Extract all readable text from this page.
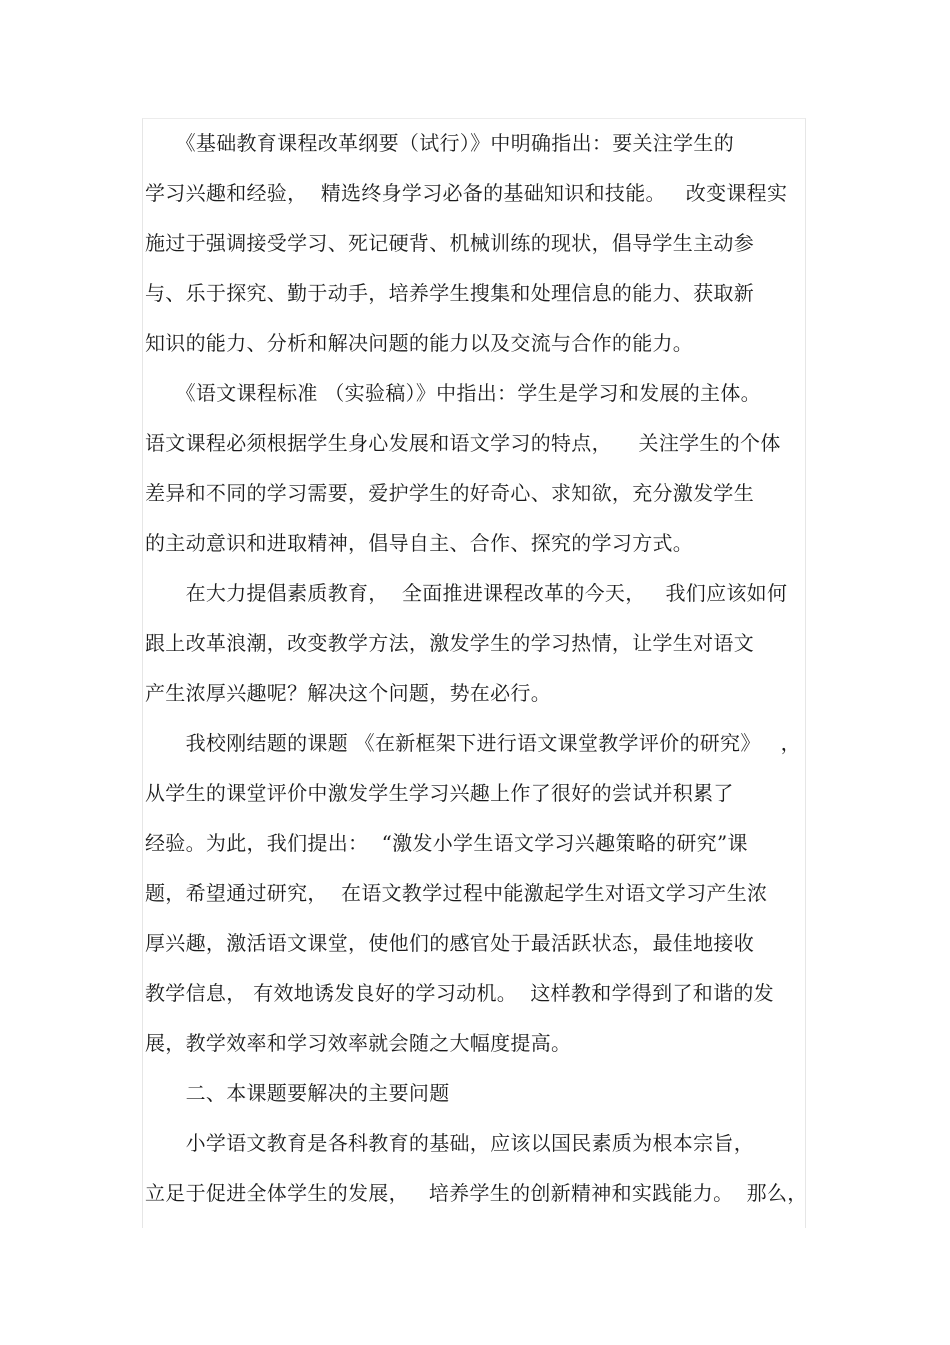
　　《基础教育课程改革纲要（试行）》中明确指出：要关注学生的
学习兴趣和经验，  精选终身学习必备的基础知识和技能。   改变课程实
施过于强调接受学习、死记硬背、机械训练的现状，倡导学生主动参
与、乐于探究、勤于动手，培养学生搜集和处理信息的能力、获取新
知识的能力、分析和解决问题的能力以及交流与合作的能力。
　　《语文课程标准 （实验稿）》中指出：学生是学习和发展的主体。
语文课程必须根据学生身心发展和语文学习的特点，    关注学生的个体
差异和不同的学习需要，爱护学生的好奇心、求知欲，充分激发学生
的主动意识和进取精神，倡导自主、合作、探究的学习方式。
　　在大力提倡素质教育，  全面推进课程改革的今天，   我们应该如何
跟上改革浪潮，改变教学方法，激发学生的学习热情，让学生对语文
产生浓厚兴趣呢？解决这个问题，势在必行。
　　我校刚结题的课题 《在新框架下进行语文课堂教学评价的研究》   ，
从学生的课堂评价中激发学生学习兴趣上作了很好的尝试并积累了
经验。为此，我们提出：  “激发小学生语文学习兴趣策略的研究”课
题，希望通过研究，  在语文教学过程中能激起学生对语文学习产生浓
厚兴趣，激活语文课堂，使他们的感官处于最活跃状态，最佳地接收
教学信息， 有效地诱发良好的学习动机。  这样教和学得到了和谐的发
展，教学效率和学习效率就会随之大幅度提高。
　　二、本课题要解决的主要问题
　　小学语文教育是各科教育的基础，应该以国民素质为根本宗旨，
立足于促进全体学生的发展，   培养学生的创新精神和实践能力。  那么，
